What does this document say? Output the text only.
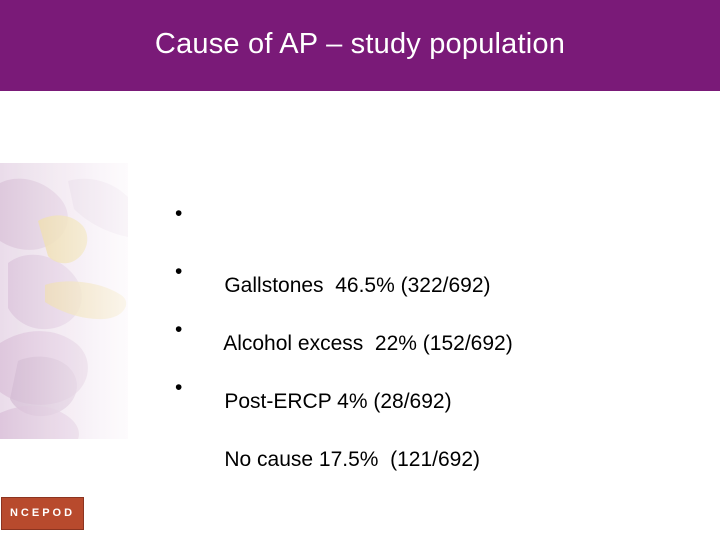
Cause of AP – study population

•

Gallstones  46.5% (322/692)

•

Alcohol excess  22% (152/692)

•

Post-ERCP 4% (28/692)

•

No cause 17.5%  (121/692)

NCEPOD
